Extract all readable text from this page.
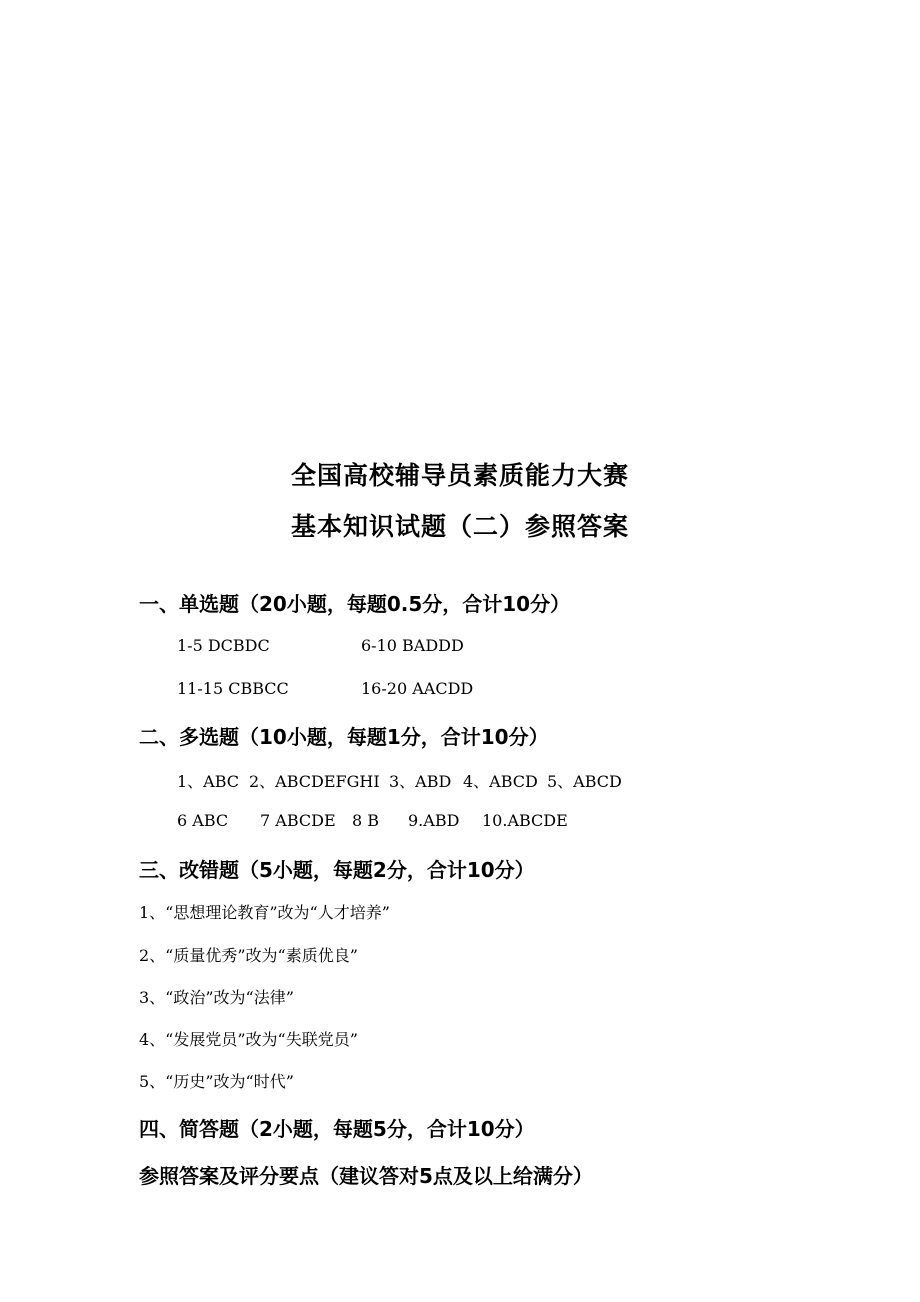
全国高校辅导员素质能力大赛
基本知识试题（二）参照答案
一、单选题（20小题，每题0.5分，合计10分）
1-5 DCBDC	6-10 BADDD
11-15 CBBCC	16-20 AACDD
二、多选题（10小题，每题1分，合计10分）
1、ABC 2、ABCDEFGHI 3、ABD 4、ABCD 5、ABCD
6 ABC 7 ABCDE 8 B 9.ABD 10.ABCDE
三、改错题（5小题，每题2分，合计10分）
1、“思想理论教育”改为“人才培养”
2、“质量优秀”改为“素质优良”
3、“政治”改为“法律”
4、“发展党员”改为“失联党员”
5、“历史”改为“时代”
四、简答题（2小题，每题5分，合计10分）
参照答案及评分要点（建议答对5点及以上给满分）
